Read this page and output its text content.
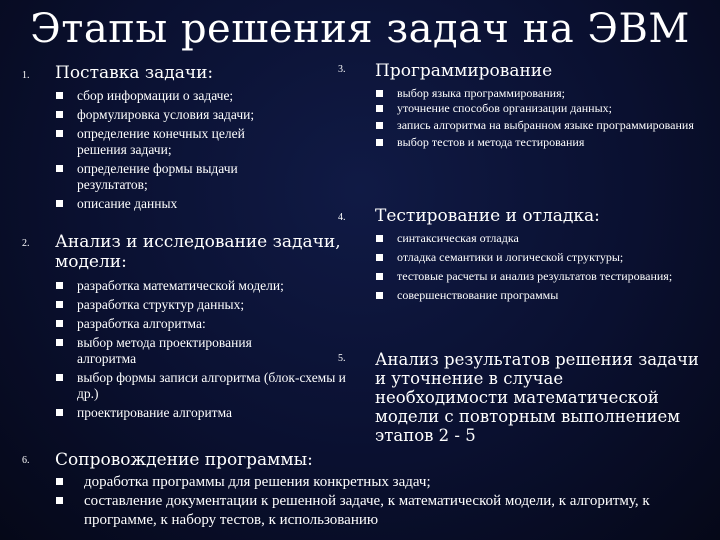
Этапы решения задач на ЭВМ
1. Поставка задачи:
сбор информации о задаче;
формулировка условия задачи;
определение конечных целей решения задачи;
определение формы выдачи результатов;
описание данных
2. Анализ и исследование задачи, модели:
разработка математической модели;
разработка структур данных;
разработка алгоритма:
выбор метода проектирования алгоритма
выбор формы записи алгоритма (блок-схемы и др.)
проектирование алгоритма
3. Программирование
выбор языка программирования;
уточнение способов организации данных;
запись алгоритма на выбранном языке программирования
выбор тестов и метода тестирования
4. Тестирование и отладка:
синтаксическая отладка
отладка семантики и логической структуры;
тестовые расчеты и анализ результатов тестирования;
совершенствование программы
5. Анализ результатов решения задачи и уточнение в случае необходимости математической модели с повторным выполнением этапов 2 - 5
6. Сопровождение программы:
доработка программы для решения конкретных задач;
составление документации к решенной задаче, к математической модели, к алгоритму, к программе, к набору тестов, к использованию
